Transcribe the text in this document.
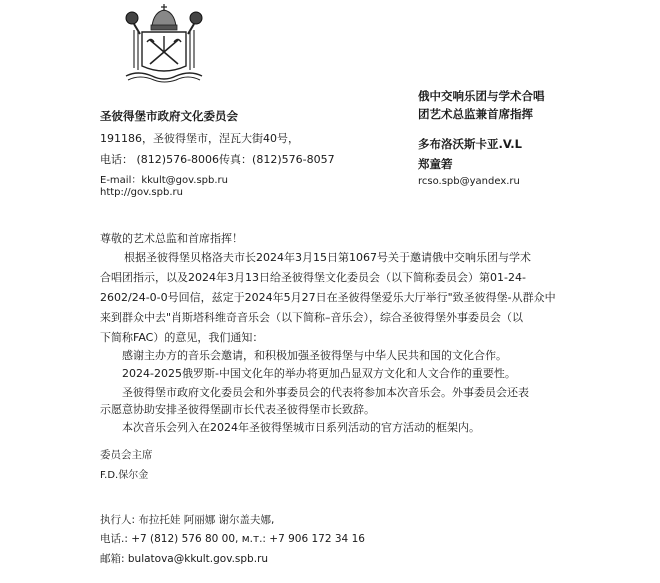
圣彼得堡市政府文化委员会
191186，圣彼得堡市，涅瓦大街40号，
电话： (812)576-8006传真：(812)576-8057
E-mail：kkult@gov.spb.ru
http://gov.spb.ru
俄中交响乐团与学术合唱
团艺术总监兼首席指挥
多布洛沃斯卡亚.V.L
郑童箬
rcso.spb@yandex.ru
尊敬的艺术总监和首席指挥！
根据圣彼得堡贝格洛夫市长2024年3月15日第1067号关于邀请俄中交响乐团与学术
合唱团指示，以及2024年3月13日给圣彼得堡文化委员会（以下简称委员会）第01-24-
2602/24-0-0号回信，兹定于2024年5月27日在圣彼得堡爱乐大厅举行"致圣彼得堡-从群众中
来到群众中去"肖斯塔科维奇音乐会（以下简称–音乐会），综合圣彼得堡外事委员会（以
下简称FAC）的意见，我们通知：
感谢主办方的音乐会邀请，和积极加强圣彼得堡与中华人民共和国的文化合作。
2024-2025俄罗斯-中国文化年的举办将更加凸显双方文化和人文合作的重要性。
圣彼得堡市政府文化委员会和外事委员会的代表将参加本次音乐会。外事委员会还表
示愿意协助安排圣彼得堡副市长代表圣彼得堡市长致辞。
本次音乐会列入在2024年圣彼得堡城市日系列活动的官方活动的框架内。
委员会主席
F.D.保尔金
执行人: 布拉托娃 阿丽娜 谢尔盖夫娜,
电话.: +7 (812) 576 80 00, м.т.: +7 906 172 34 16
邮箱: bulatova@kkult.gov.spb.ru
